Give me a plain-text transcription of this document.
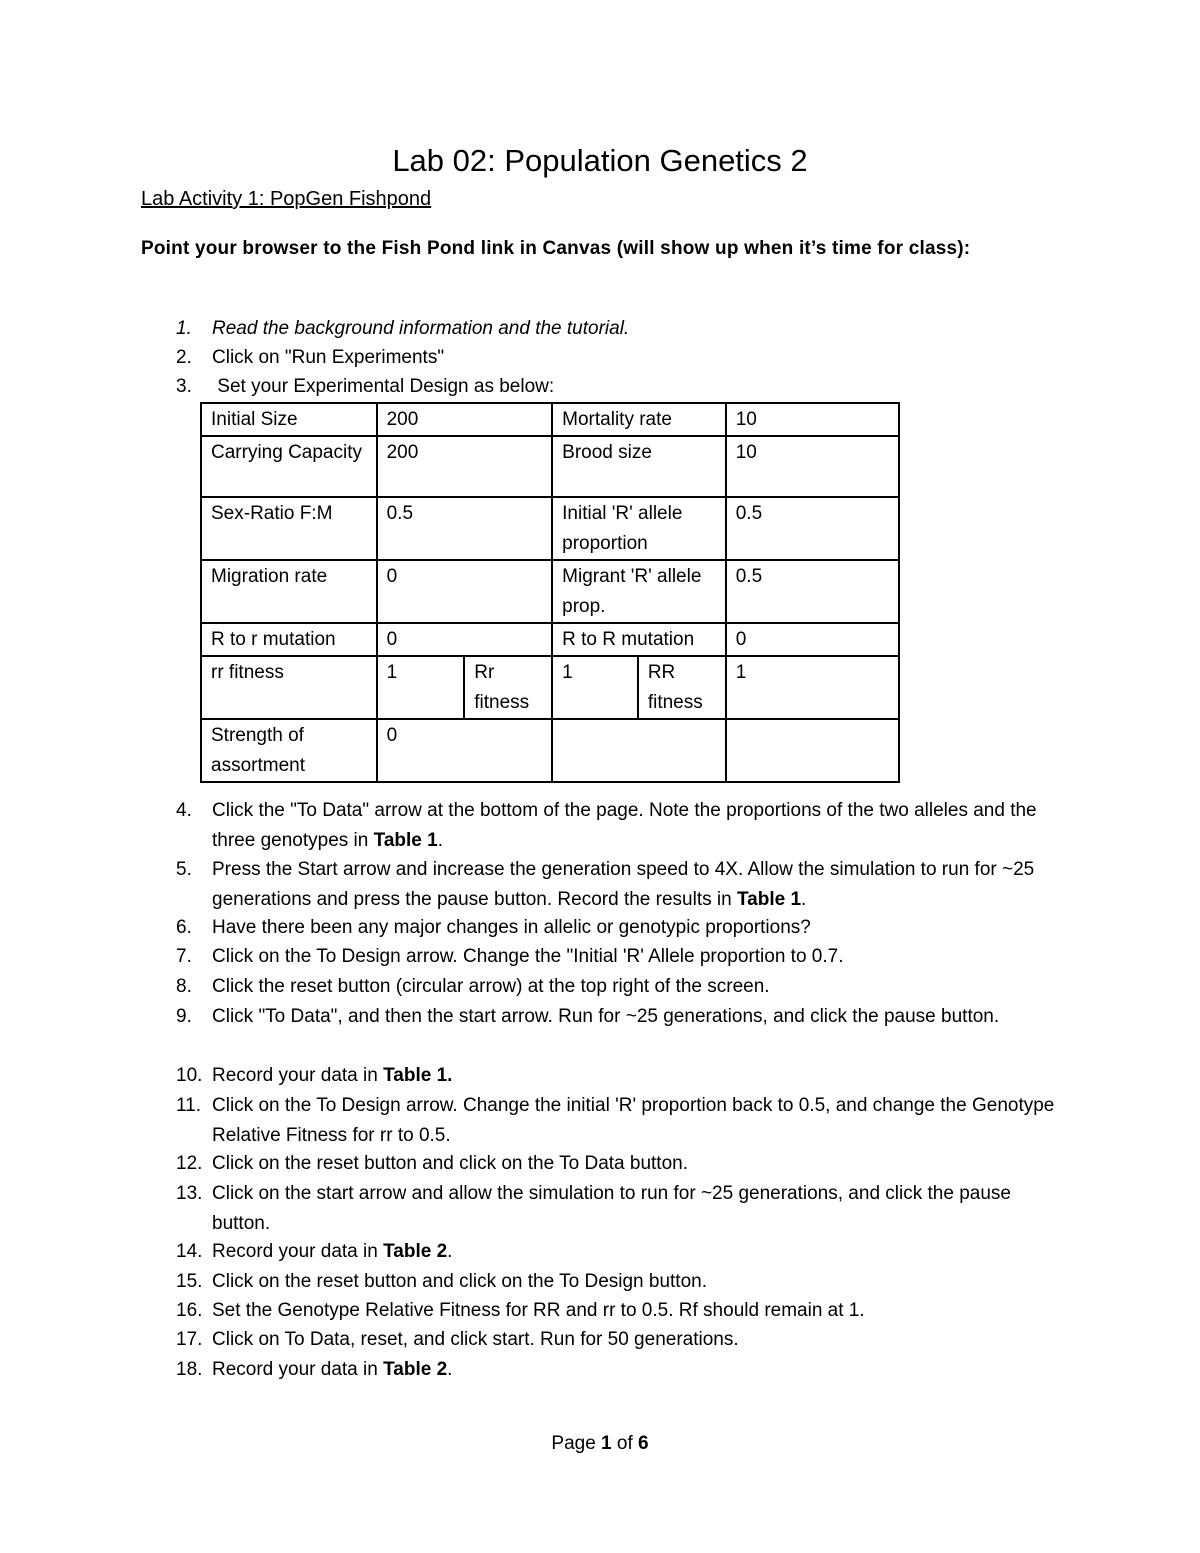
Lab 02: Population Genetics 2
Lab Activity 1: PopGen Fishpond
Point your browser to the Fish Pond link in Canvas (will show up when it’s time for class):
1. Read the background information and the tutorial.
2. Click on "Run Experiments"
3. Set your Experimental Design as below:
Initial Size	200		Mortality rate		10
Carrying Capacity	200		Brood size		10
Sex-Ratio F:M	0.5		Initial 'R' allele proportion		0.5
Migration rate	0		Migrant 'R' allele prop.		0.5
R to r mutation	0		R to R mutation		0
rr fitness	1	Rr fitness	1	RR fitness	1
Strength of assortment	0				
4. Click the "To Data" arrow at the bottom of the page. Note the proportions of the two alleles and the three genotypes in Table 1.
5. Press the Start arrow and increase the generation speed to 4X. Allow the simulation to run for ~25 generations and press the pause button. Record the results in Table 1.
6. Have there been any major changes in allelic or genotypic proportions?
7. Click on the To Design arrow. Change the "Initial 'R' Allele proportion to 0.7.
8. Click the reset button (circular arrow) at the top right of the screen.
9. Click "To Data", and then the start arrow. Run for ~25 generations, and click the pause button.
10. Record your data in Table 1.
11. Click on the To Design arrow. Change the initial 'R' proportion back to 0.5, and change the Genotype Relative Fitness for rr to 0.5.
12. Click on the reset button and click on the To Data button.
13. Click on the start arrow and allow the simulation to run for ~25 generations, and click the pause button.
14. Record your data in Table 2.
15. Click on the reset button and click on the To Design button.
16. Set the Genotype Relative Fitness for RR and rr to 0.5. Rf should remain at 1.
17. Click on To Data, reset, and click start. Run for 50 generations.
18. Record your data in Table 2.
Page 1 of 6
